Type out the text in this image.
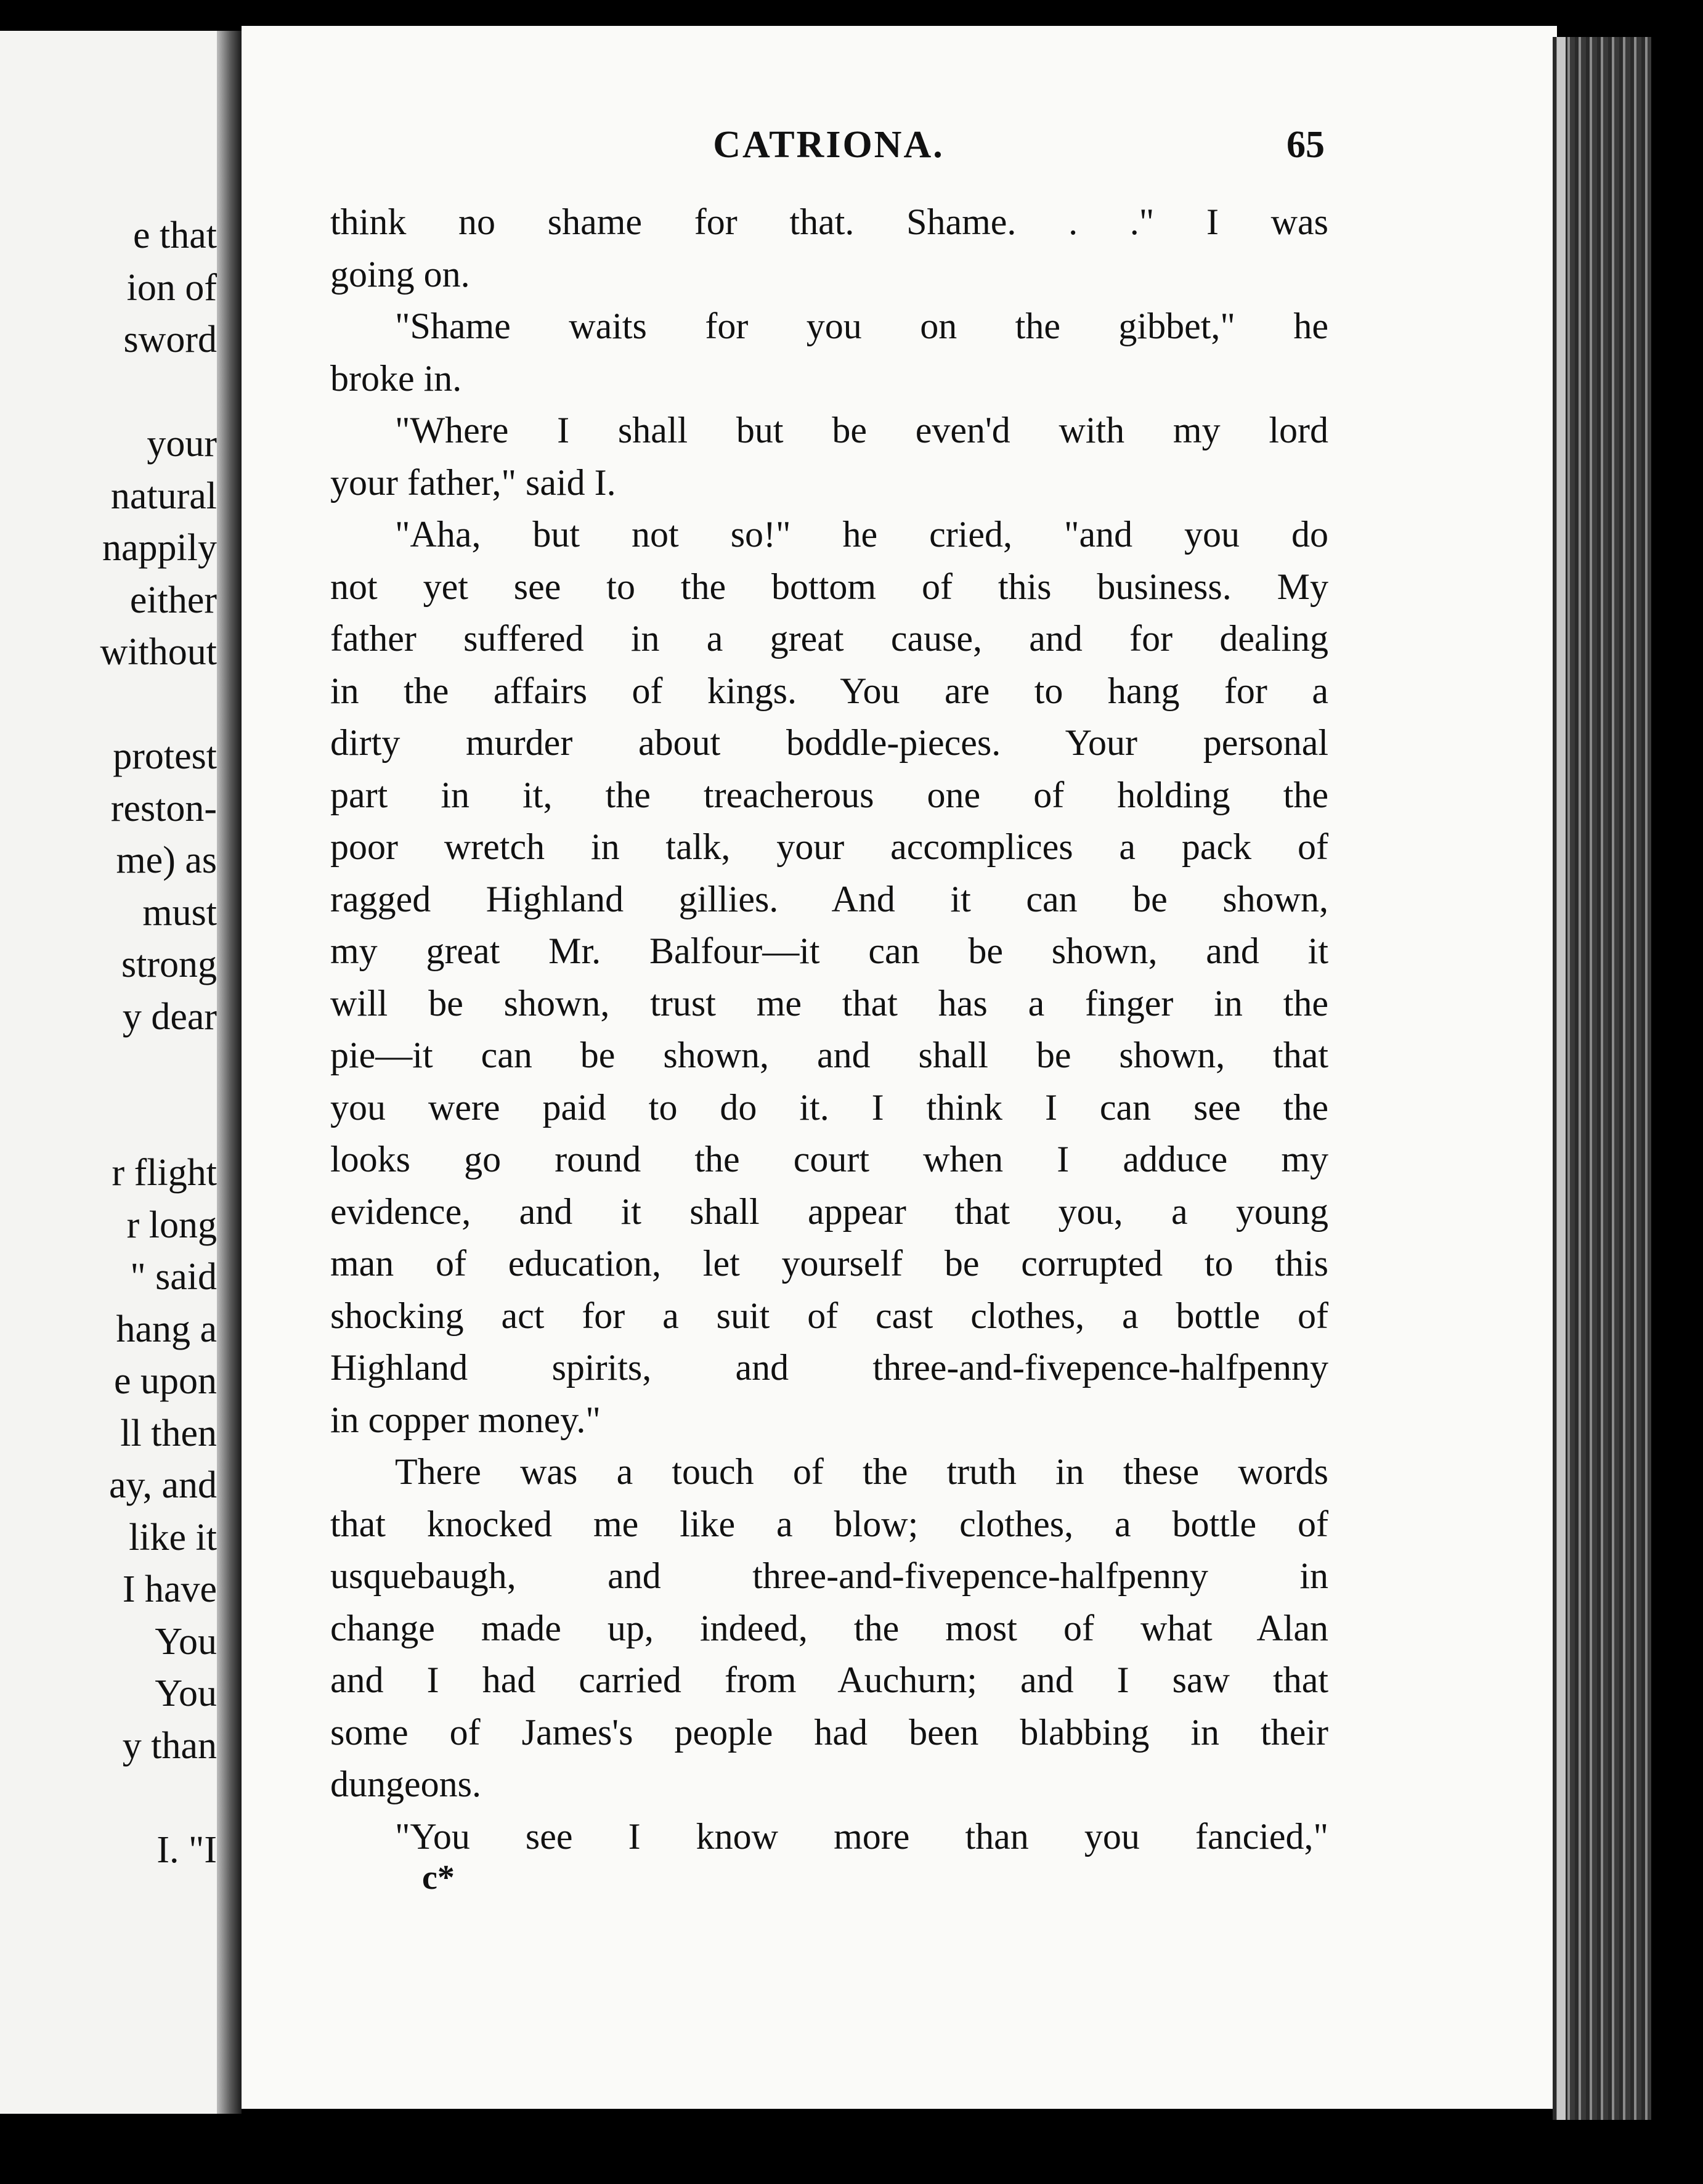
e that
ion of
sword
your
natural
nappily
either
without
protest
reston-
me) as
must
strong
y dear
r flight
r long
" said
hang a
e upon
ll then
ay, and
like it
I have
You
You
y than
I. "I
CATRIONA.	65
think no shame for that. Shame. . ." I was
going on.
"Shame waits for you on the gibbet," he
broke in.
"Where I shall but be even'd with my lord
your father," said I.
"Aha, but not so!" he cried, "and you do
not yet see to the bottom of this business. My
father suffered in a great cause, and for dealing
in the affairs of kings. You are to hang for a
dirty murder about boddle-pieces. Your personal
part in it, the treacherous one of holding the
poor wretch in talk, your accomplices a pack of
ragged Highland gillies. And it can be shown,
my great Mr. Balfour—it can be shown, and it
will be shown, trust me that has a finger in the
pie—it can be shown, and shall be shown, that
you were paid to do it. I think I can see the
looks go round the court when I adduce my
evidence, and it shall appear that you, a young
man of education, let yourself be corrupted to this
shocking act for a suit of cast clothes, a bottle of
Highland spirits, and three-and-fivepence-halfpenny
in copper money."
There was a touch of the truth in these words
that knocked me like a blow; clothes, a bottle of
usquebaugh, and three-and-fivepence-halfpenny in
change made up, indeed, the most of what Alan
and I had carried from Auchurn; and I saw that
some of James's people had been blabbing in their
dungeons.
"You see I know more than you fancied,"
c*
